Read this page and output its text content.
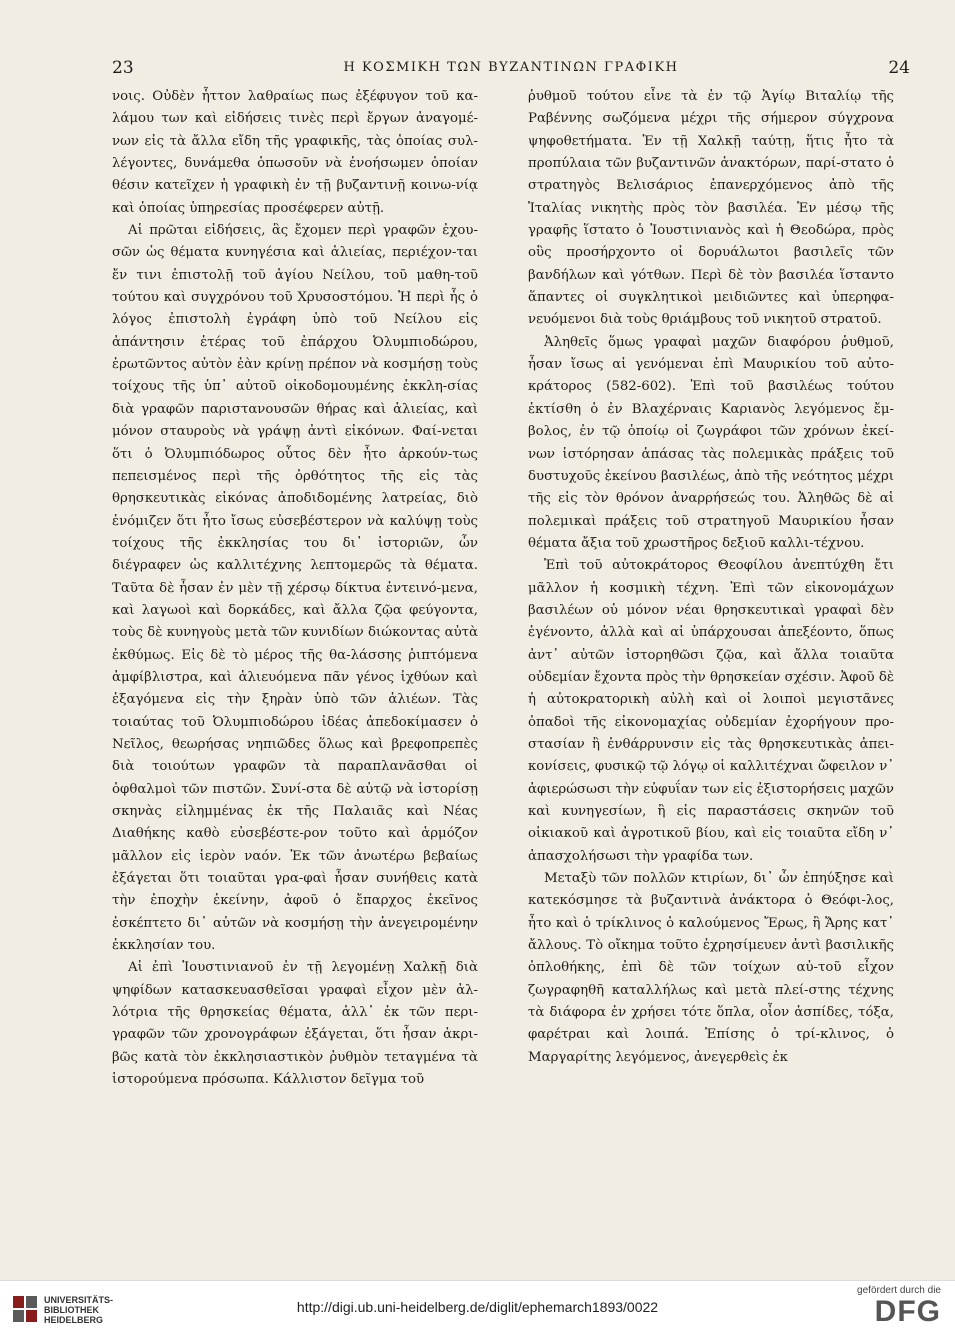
23	Η ΚΟΣΜΙΚΗ ΤΩΝ ΒΥΖΑΝΤΙΝΩΝ ΓΡΑΦΙΚΗ	24

νοις. Οὐδὲν ἧττον λαθραίως πως ἐξέφυγον τοῦ κα-λάμου των καὶ εἰδήσεις τινὲς περὶ ἔργων ἀναγομέ-νων εἰς τὰ ἄλλα εἴδη τῆς γραφικῆς, τὰς ὁποίας συλ-λέγοντες, δυνάμεθα ὁπωσοῦν νὰ ἐνοήσωμεν ὁποίαν θέσιν κατεῖχεν ἡ γραφικὴ ἐν τῇ βυζαντινῇ κοινω-νίᾳ καὶ ὁποίας ὑπηρεσίας προσέφερεν αὐτῇ.

Αἱ πρῶται εἰδήσεις, ἃς ἔχομεν περὶ γραφῶν ἐχου-σῶν ὡς θέματα κυνηγέσια καὶ ἁλιείας, περιέχον-ται ἔν τινι ἐπιστολῇ τοῦ ἁγίου Νείλου, τοῦ μαθη-τοῦ τούτου καὶ συγχρόνου τοῦ Χρυσοστόμου. Ἡ περὶ ἧς ὁ λόγος ἐπιστολὴ ἐγράφη ὑπὸ τοῦ Νείλου εἰς ἀπάντησιν ἑτέρας τοῦ ἐπάρχου Ὀλυμπιοδώρου, ἐρωτῶντος αὐτὸν ἐὰν κρίνῃ πρέπον νὰ κοσμήσῃ τοὺς τοίχους τῆς ὑπ᾽ αὐτοῦ οἰκοδομουμένης ἐκκλη-σίας διὰ γραφῶν παριστανουσῶν θήρας καὶ ἁλιείας, καὶ μόνον σταυροὺς νὰ γράψῃ ἀντὶ εἰκόνων. Φαί-νεται ὅτι ὁ Ὀλυμπιόδωρος οὗτος δὲν ἦτο ἀρκούν-τως πεπεισμένος περὶ τῆς ὀρθότητος τῆς εἰς τὰς θρησκευτικὰς εἰκόνας ἀποδιδομένης λατρείας, διὸ ἐνόμιζεν ὅτι ἦτο ἴσως εὐσεβέστερον νὰ καλύψῃ τοὺς τοίχους τῆς ἐκκλησίας του δι᾽ ἱστοριῶν, ὧν διέγραφεν ὡς καλλιτέχνης λεπτομερῶς τὰ θέματα. Ταῦτα δὲ ἦσαν ἐν μὲν τῇ χέρσῳ δίκτυα ἐντεινό-μενα, καὶ λαγωοὶ καὶ δορκάδες, καὶ ἄλλα ζῷα φεύγοντα, τοὺς δὲ κυνηγοὺς μετὰ τῶν κυνιδίων διώκοντας αὐτὰ ἐκθύμως. Εἰς δὲ τὸ μέρος τῆς θα-λάσσης ῥιπτόμενα ἀμφίβλιστρα, καὶ ἁλιευόμενα πᾶν γένος ἰχθύων καὶ ἐξαγόμενα εἰς τὴν ξηρὰν ὑπὸ τῶν ἁλιέων. Τὰς τοιαύτας τοῦ Ὀλυμπιοδώρου ἰδέας ἀπεδοκίμασεν ὁ Νεῖλος, θεωρήσας νηπιῶδες ὅλως καὶ βρεφοπρεπὲς διὰ τοιούτων γραφῶν τὰ παραπλανᾶσθαι οἱ ὀφθαλμοὶ τῶν πιστῶν. Συνί-στα δὲ αὐτῷ νὰ ἱστορίσῃ σκηνὰς εἰλημμένας ἐκ τῆς Παλαιᾶς καὶ Νέας Διαθήκης καθὸ εὐσεβέστε-ρον τοῦτο καὶ ἁρμόζον μᾶλλον εἰς ἱερὸν ναόν. Ἐκ τῶν ἀνωτέρω βεβαίως ἐξάγεται ὅτι τοιαῦται γρα-φαὶ ἦσαν συνήθεις κατὰ τὴν ἐποχὴν ἐκείνην, ἀφοῦ ὁ ἔπαρχος ἐκεῖνος ἐσκέπτετο δι᾽ αὐτῶν νὰ κοσμήσῃ τὴν ἀνεγειρομένην ἐκκλησίαν του.

Αἱ ἐπὶ Ἰουστινιανοῦ ἐν τῇ λεγομένῃ Χαλκῇ διὰ ψηφίδων κατασκευασθεῖσαι γραφαὶ εἶχον μὲν ἀλ-λότρια τῆς θρησκείας θέματα, ἀλλ᾽ ἐκ τῶν περι-γραφῶν τῶν χρονογράφων ἐξάγεται, ὅτι ἦσαν ἀκρι-βῶς κατὰ τὸν ἐκκλησιαστικὸν ῥυθμὸν τεταγμένα τὰ ἱστορούμενα πρόσωπα. Κάλλιστον δεῖγμα τοῦ

ῥυθμοῦ τούτου εἶνε τὰ ἐν τῷ Ἁγίῳ Βιταλίῳ τῆς Ραβέννης σωζόμενα μέχρι τῆς σήμερον σύγχρονα ψηφοθετήματα. Ἐν τῇ Χαλκῇ ταύτῃ, ἥτις ἦτο τὰ προπύλαια τῶν βυζαντινῶν ἀνακτόρων, παρί-στατο ὁ στρατηγὸς Βελισάριος ἐπανερχόμενος ἀπὸ τῆς Ἰταλίας νικητὴς πρὸς τὸν βασιλέα. Ἐν μέσῳ τῆς γραφῆς ἵστατο ὁ Ἰουστινιανὸς καὶ ἡ Θεοδώρα, πρὸς οὓς προσήρχοντο οἱ δορυάλωτοι βασιλεῖς τῶν βανδήλων καὶ γότθων. Περὶ δὲ τὸν βασιλέα ἵσταντο ἅπαντες οἱ συγκλητικοὶ μειδιῶντες καὶ ὑπερηφα-νευόμενοι διὰ τοὺς θριάμβους τοῦ νικητοῦ στρατοῦ.

Ἀληθεῖς ὅμως γραφαὶ μαχῶν διαφόρου ῥυθμοῦ, ἦσαν ἴσως αἱ γενόμεναι ἐπὶ Μαυρικίου τοῦ αὐτο-κράτορος (582-602). Ἐπὶ τοῦ βασιλέως τούτου ἐκτίσθη ὁ ἐν Βλαχέρναις Καριανὸς λεγόμενος ἔμ-βολος, ἐν τῷ ὁποίῳ οἱ ζωγράφοι τῶν χρόνων ἐκεί-νων ἱστόρησαν ἁπάσας τὰς πολεμικὰς πράξεις τοῦ δυστυχοῦς ἐκείνου βασιλέως, ἀπὸ τῆς νεότητος μέχρι τῆς εἰς τὸν θρόνον ἀναρρήσεώς του. Ἀληθῶς δὲ αἱ πολεμικαὶ πράξεις τοῦ στρατηγοῦ Μαυρικίου ἦσαν θέματα ἄξια τοῦ χρωστῆρος δεξιοῦ καλλι-τέχνου.

Ἐπὶ τοῦ αὐτοκράτορος Θεοφίλου ἀνεπτύχθη ἔτι μᾶλλον ἡ κοσμικὴ τέχνη. Ἐπὶ τῶν εἰκονομάχων βασιλέων οὐ μόνον νέαι θρησκευτικαὶ γραφαὶ δὲν ἐγένοντο, ἀλλὰ καὶ αἱ ὑπάρχουσαι ἀπεξέοντο, ὅπως ἀντ᾽ αὐτῶν ἱστορηθῶσι ζῷα, καὶ ἄλλα τοιαῦτα οὐδεμίαν ἔχοντα πρὸς τὴν θρησκείαν σχέσιν. Ἀφοῦ δὲ ἡ αὐτοκρατορικὴ αὐλὴ καὶ οἱ λοιποὶ μεγιστᾶνες ὁπαδοὶ τῆς εἰκονομαχίας οὐδεμίαν ἐχορήγουν προ-στασίαν ἢ ἐνθάρρυνσιν εἰς τὰς θρησκευτικὰς ἀπει-κονίσεις, φυσικῷ τῷ λόγῳ οἱ καλλιτέχναι ὤφειλον ν᾽ ἀφιερώσωσι τὴν εὐφυΐαν των εἰς ἐξιστορήσεις μαχῶν καὶ κυνηγεσίων, ἢ εἰς παραστάσεις σκηνῶν τοῦ οἰκιακοῦ καὶ ἀγροτικοῦ βίου, καὶ εἰς τοιαῦτα εἴδη ν᾽ ἀπασχολήσωσι τὴν γραφίδα των.

Μεταξὺ τῶν πολλῶν κτιρίων, δι᾽ ὧν ἐπηύξησε καὶ κατεκόσμησε τὰ βυζαντινὰ ἀνάκτορα ὁ Θεόφι-λος, ἦτο καὶ ὁ τρίκλινος ὁ καλούμενος Ἔρως, ἢ Ἄρης κατ᾽ ἄλλους. Τὸ οἴκημα τοῦτο ἐχρησίμευεν ἀντὶ βασιλικῆς ὁπλοθήκης, ἐπὶ δὲ τῶν τοίχων αὐ-τοῦ εἶχον ζωγραφηθῆ καταλλήλως καὶ μετὰ πλεί-στης τέχνης τὰ διάφορα ἐν χρήσει τότε ὅπλα, οἷον ἀσπίδες, τόξα, φαρέτραι καὶ λοιπά. Ἐπίσης ὁ τρί-κλινος, ὁ Μαργαρίτης λεγόμενος, ἀνεγερθεὶς ἐκ

UNIVERSITÄTS-
BIBLIOTHEK
HEIDELBERG
http://digi.ub.uni-heidelberg.de/diglit/ephemarch1893/0022
gefördert durch die
DFG
